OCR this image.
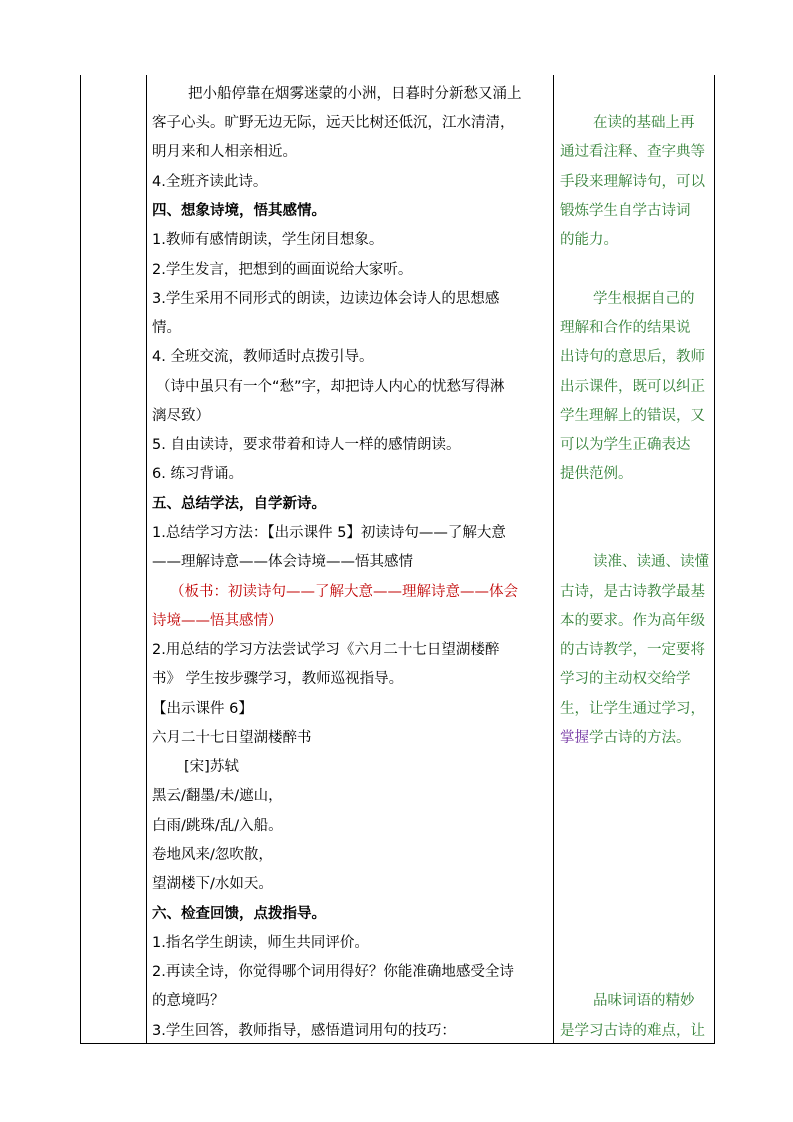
把小船停靠在烟雾迷蒙的小洲，日暮时分新愁又涌上
客子心头。旷野无边无际，远天比树还低沉，江水清清，
明月来和人相亲相近。
4.全班齐读此诗。
四、想象诗境，悟其感情。
1.教师有感情朗读，学生闭目想象。
2.学生发言，把想到的画面说给大家听。
3.学生采用不同形式的朗读，边读边体会诗人的思想感
情。
4. 全班交流，教师适时点拨引导。
（诗中虽只有一个“愁”字，却把诗人内心的忧愁写得淋
漓尽致）
5. 自由读诗，要求带着和诗人一样的感情朗读。
6. 练习背诵。
五、总结学法，自学新诗。
1.总结学习方法：【出示课件 5】初读诗句——了解大意
——理解诗意——体会诗境——悟其感情
（板书：初读诗句——了解大意——理解诗意——体会
诗境——悟其感情）
2.用总结的学习方法尝试学习《六月二十七日望湖楼醉
书》 学生按步骤学习，教师巡视指导。
【出示课件 6】
六月二十七日望湖楼醉书
[宋]苏轼
黑云/翻墨/未/遮山，
白雨/跳珠/乱/入船。
卷地风来/忽吹散，
望湖楼下/水如天。
六、检查回馈，点拨指导。
1.指名学生朗读，师生共同评价。
2.再读全诗，你觉得哪个词用得好？你能准确地感受全诗
的意境吗？
3.学生回答，教师指导，感悟遣词用句的技巧：
在读的基础上再
通过看注释、查字典等
手段来理解诗句，可以
锻炼学生自学古诗词
的能力。
学生根据自己的
理解和合作的结果说
出诗句的意思后，教师
出示课件，既可以纠正
学生理解上的错误，又
可以为学生正确表达
提供范例。
读准、读通、读懂
古诗，是古诗教学最基
本的要求。作为高年级
的古诗教学，一定要将
学习的主动权交给学
生，让学生通过学习，
掌握学古诗的方法。
品味词语的精妙
是学习古诗的难点，让
